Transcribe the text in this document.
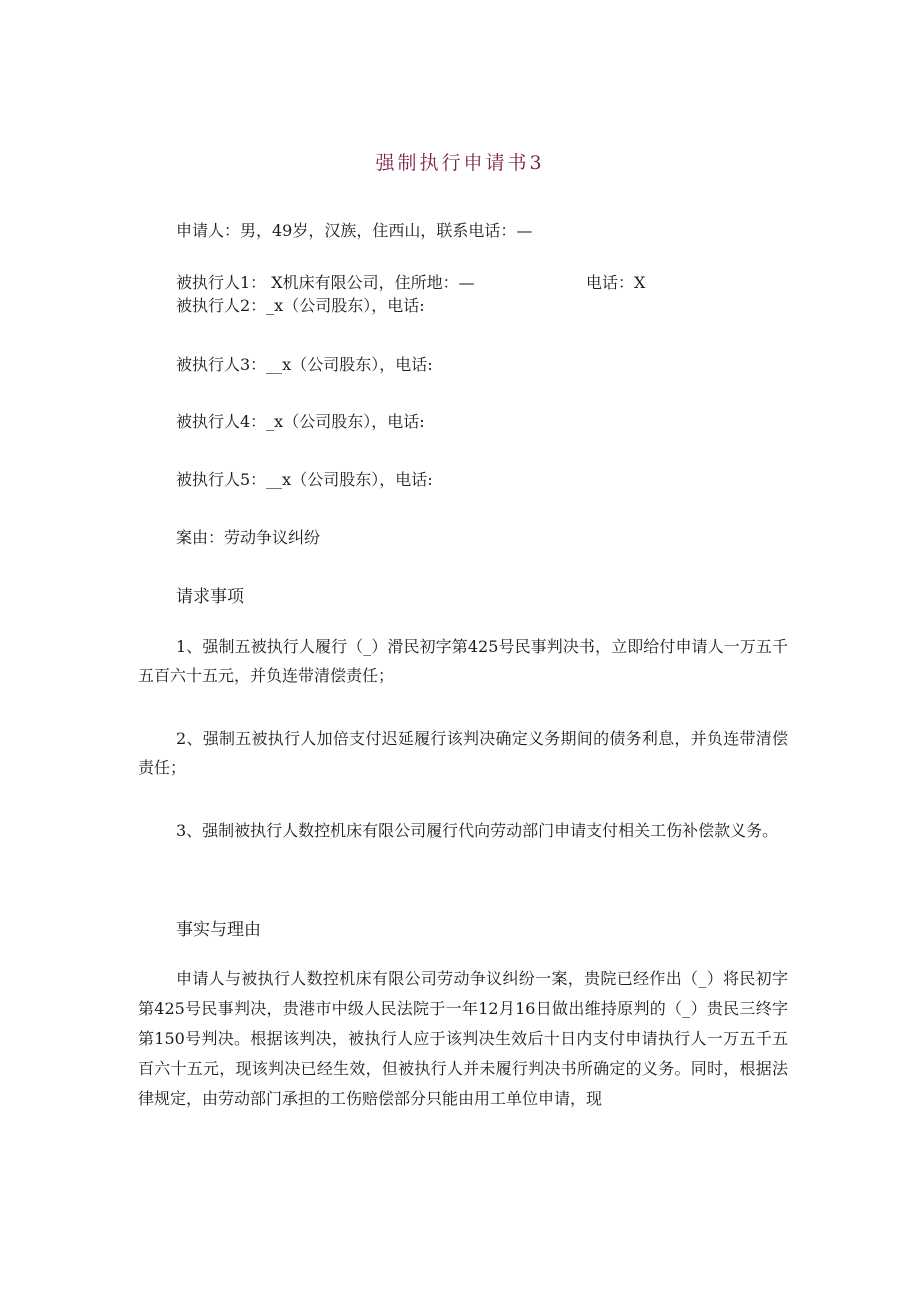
强制执行申请书3
申请人：男，49岁，汉族，住西山，联系电话：—
被执行人1： X机床有限公司，住所地：—	电话：X
被执行人2：_x（公司股东），电话:
被执行人3：__x（公司股东），电话:
被执行人4：_x（公司股东），电话:
被执行人5：__x（公司股东），电话:
案由：劳动争议纠纷
请求事项
1、强制五被执行人履行（_）滑民初字第425号民事判决书，立即给付申请人一万五千五百六十五元，并负连带清偿责任；
2、强制五被执行人加倍支付迟延履行该判决确定义务期间的债务利息，并负连带清偿责任；
3、强制被执行人数控机床有限公司履行代向劳动部门申请支付相关工伤补偿款义务。
事实与理由
申请人与被执行人数控机床有限公司劳动争议纠纷一案，贵院已经作出（_）将民初字第425号民事判决，贵港市中级人民法院于一年12月16日做出维持原判的（_）贵民三终字第150号判决。根据该判决，被执行人应于该判决生效后十日内支付申请执行人一万五千五百六十五元，现该判决已经生效，但被执行人并未履行判决书所确定的义务。同时，根据法律规定，由劳动部门承担的工伤赔偿部分只能由用工单位申请，现
